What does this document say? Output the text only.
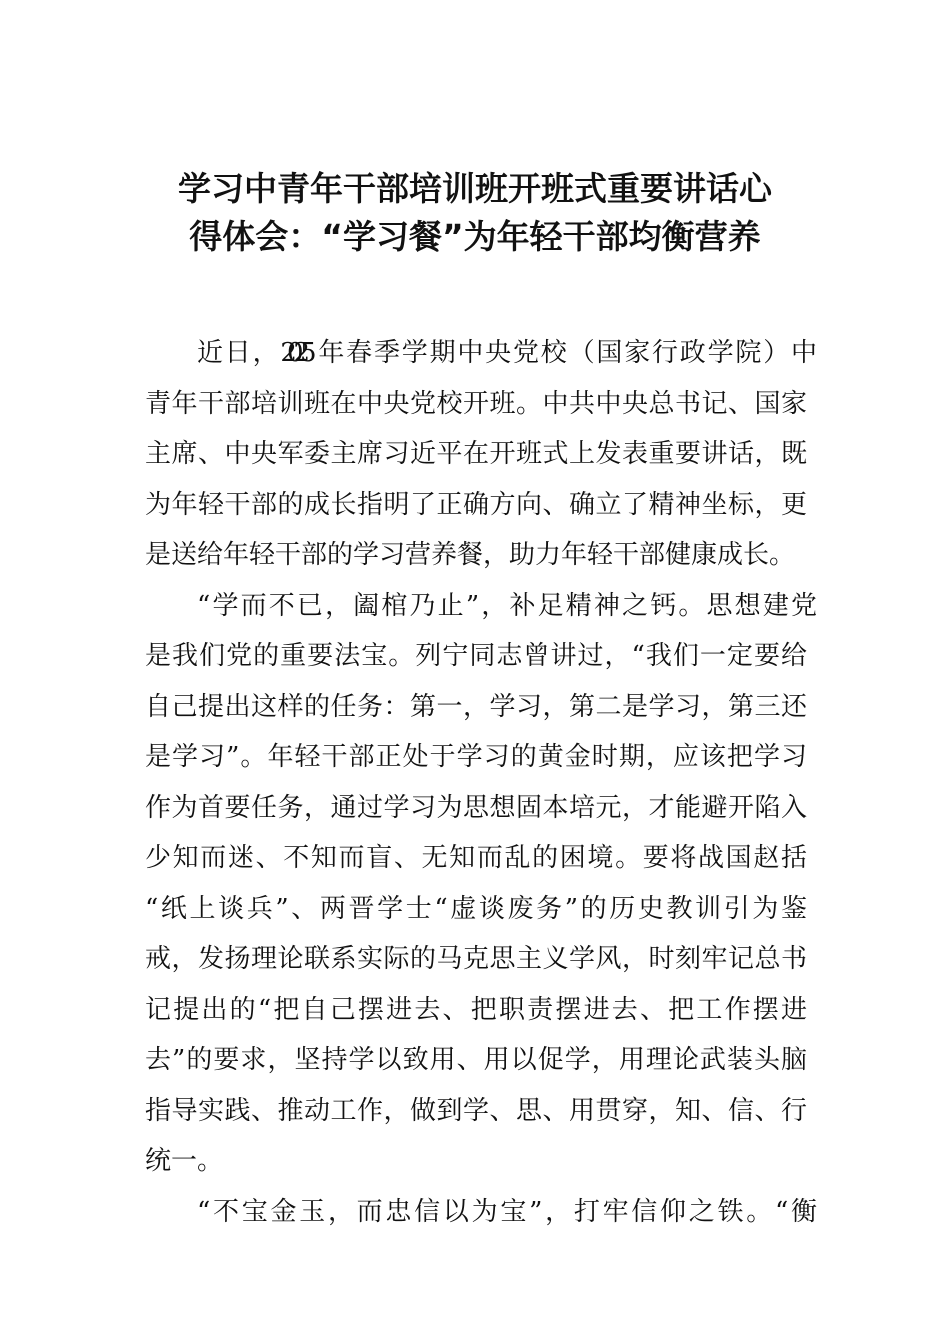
学习中青年干部培训班开班式重要讲话心
得体会：“学习餐”为年轻干部均衡营养

近日，2025年春季学期中央党校（国家行政学院）中
青年干部培训班在中央党校开班。中共中央总书记、国家
主席、中央军委主席习近平在开班式上发表重要讲话，既
为年轻干部的成长指明了正确方向、确立了精神坐标，更
是送给年轻干部的学习营养餐，助力年轻干部健康成长。

“学而不已，阖棺乃止”，补足精神之钙。思想建党
是我们党的重要法宝。列宁同志曾讲过，“我们一定要给
自己提出这样的任务：第一，学习，第二是学习，第三还
是学习”。年轻干部正处于学习的黄金时期，应该把学习
作为首要任务，通过学习为思想固本培元，才能避开陷入
少知而迷、不知而盲、无知而乱的困境。要将战国赵括
“纸上谈兵”、两晋学士“虚谈废务”的历史教训引为鉴
戒，发扬理论联系实际的马克思主义学风，时刻牢记总书
记提出的“把自己摆进去、把职责摆进去、把工作摆进
去”的要求，坚持学以致用、用以促学，用理论武装头脑
指导实践、推动工作，做到学、思、用贯穿，知、信、行
统一。

“不宝金玉，而忠信以为宝”，打牢信仰之铁。“衡
